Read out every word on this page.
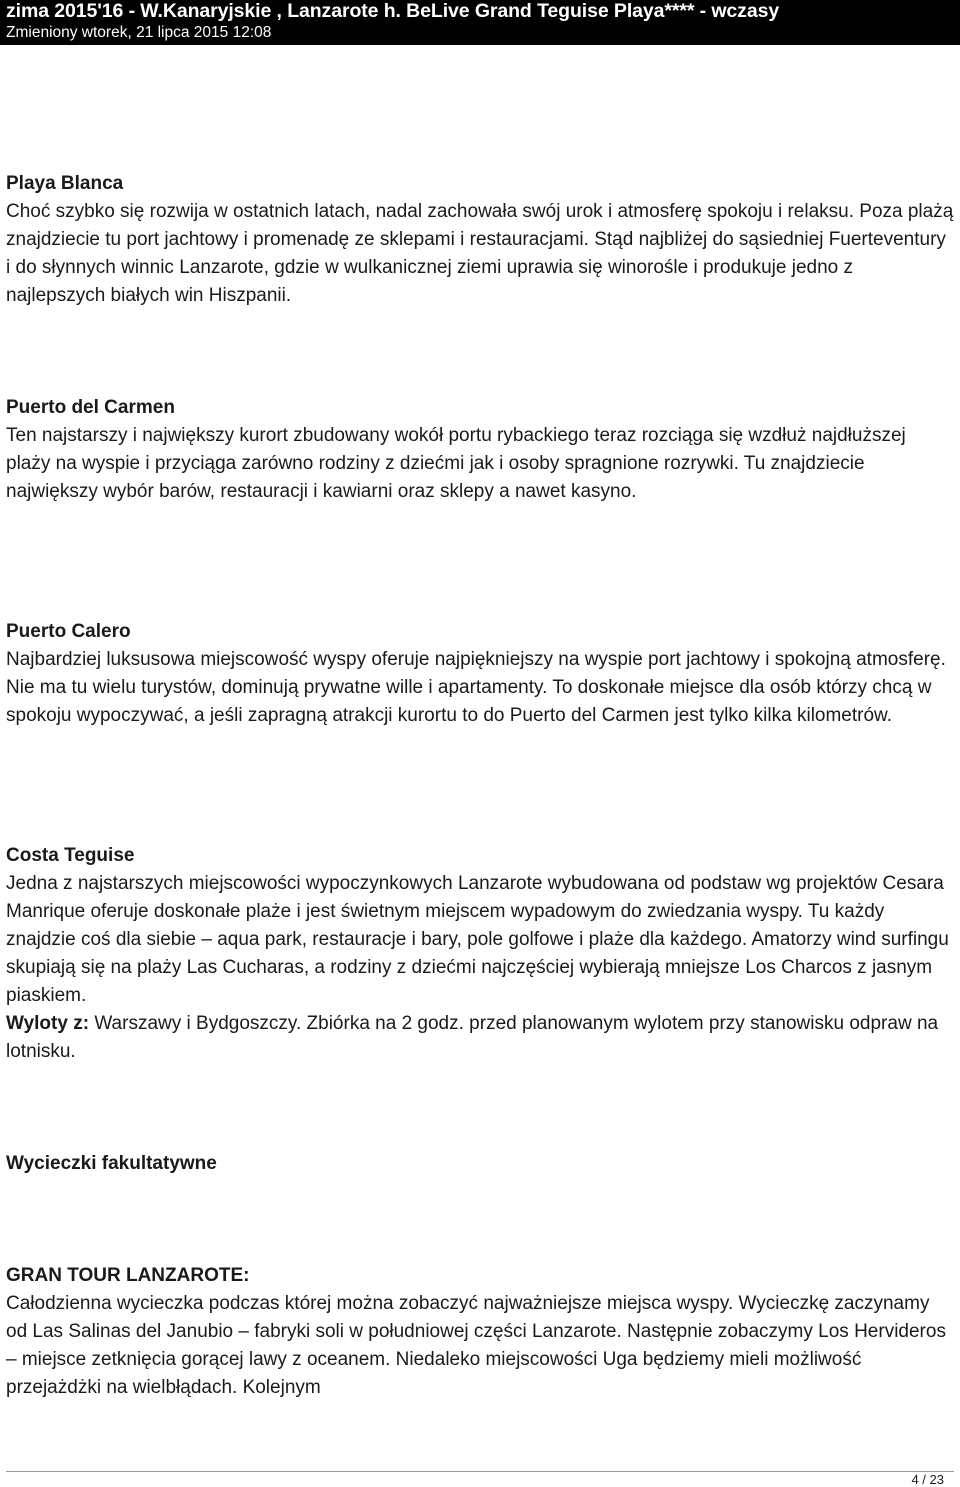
zima 2015'16 - W.Kanaryjskie , Lanzarote h. BeLive Grand Teguise Playa**** - wczasy
Zmieniony wtorek, 21 lipca 2015 12:08
Playa Blanca

Choć szybko się rozwija w ostatnich latach, nadal zachowała swój urok i atmosferę spokoju i relaksu. Poza plażą znajdziecie tu port jachtowy i promenadę ze sklepami i restauracjami. Stąd najbliżej do sąsiedniej Fuerteventury i do słynnych winnic Lanzarote, gdzie w wulkanicznej ziemi uprawia się winorośle i produkuje jedno z najlepszych białych win Hiszpanii.

Puerto del Carmen

Ten najstarszy i największy kurort zbudowany wokół portu rybackiego teraz rozciąga się wzdłuż najdłuższej plaży na wyspie i przyciąga zarówno rodziny z dziećmi jak i osoby spragnione rozrywki. Tu znajdziecie największy wybór barów, restauracji i kawiarni oraz sklepy a nawet kasyno.

Puerto Calero

Najbardziej luksusowa miejscowość wyspy oferuje najpiękniejszy na wyspie port jachtowy i spokojną atmosferę. Nie ma tu wielu turystów, dominują prywatne wille i apartamenty. To doskonałe miejsce dla osób którzy chcą w spokoju wypoczywać, a jeśli zapragną atrakcji kurortu to do Puerto del Carmen jest tylko kilka kilometrów.

Costa Teguise

Jedna z najstarszych miejscowości wypoczynkowych Lanzarote wybudowana od podstaw wg projektów Cesara Manrique oferuje doskonałe plaże i jest świetnym miejscem wypadowym do zwiedzania wyspy. Tu każdy znajdzie coś dla siebie – aqua park, restauracje i bary, pole golfowe i plaże dla każdego. Amatorzy wind surfingu skupiają się na plaży Las Cucharas, a rodziny z dziećmi najczęściej wybierają mniejsze Los Charcos z jasnym piaskiem.

Wyloty z: Warszawy i Bydgoszczy. Zbiórka na 2 godz. przed planowanym wylotem przy stanowisku odpraw na lotnisku.

Wycieczki fakultatywne
GRAN TOUR LANZAROTE:

Całodzienna wycieczka podczas której można zobaczyć najważniejsze miejsca wyspy. Wycieczkę zaczynamy od Las Salinas del Janubio – fabryki soli w południowej części Lanzarote. Następnie zobaczymy Los Hervideros – miejsce zetknięcia gorącej lawy z oceanem. Niedaleko miejscowości Uga będziemy mieli możliwość przejażdżki na wielbłądach. Kolejnym

4 / 23
